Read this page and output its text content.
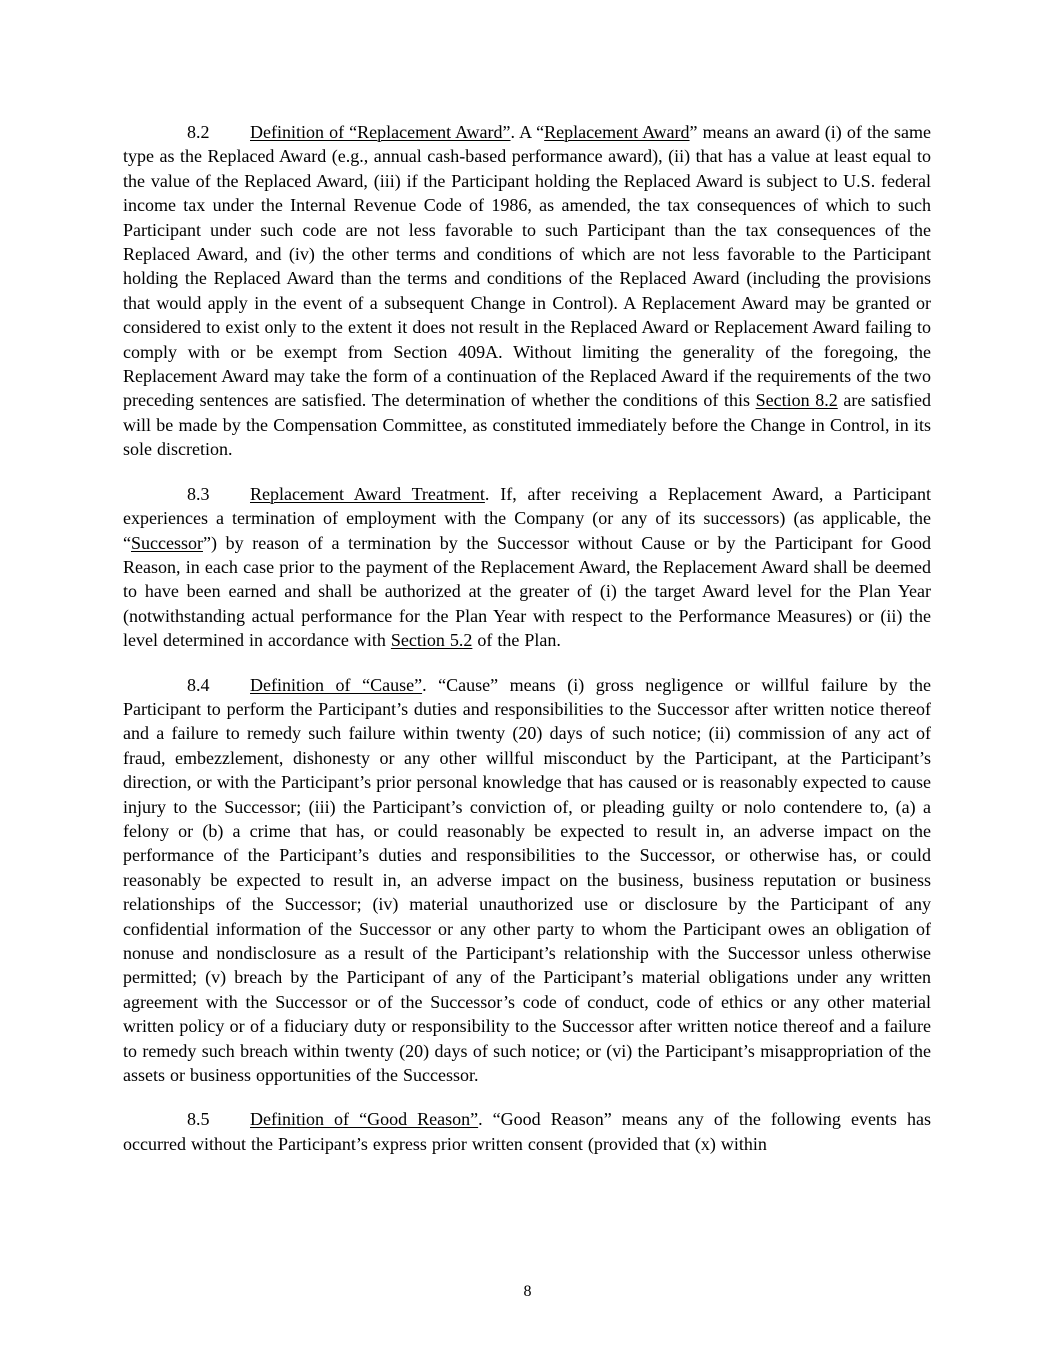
8.2 Definition of “Replacement Award”. A “Replacement Award” means an award (i) of the same type as the Replaced Award (e.g., annual cash-based performance award), (ii) that has a value at least equal to the value of the Replaced Award, (iii) if the Participant holding the Replaced Award is subject to U.S. federal income tax under the Internal Revenue Code of 1986, as amended, the tax consequences of which to such Participant under such code are not less favorable to such Participant than the tax consequences of the Replaced Award, and (iv) the other terms and conditions of which are not less favorable to the Participant holding the Replaced Award than the terms and conditions of the Replaced Award (including the provisions that would apply in the event of a subsequent Change in Control). A Replacement Award may be granted or considered to exist only to the extent it does not result in the Replaced Award or Replacement Award failing to comply with or be exempt from Section 409A. Without limiting the generality of the foregoing, the Replacement Award may take the form of a continuation of the Replaced Award if the requirements of the two preceding sentences are satisfied. The determination of whether the conditions of this Section 8.2 are satisfied will be made by the Compensation Committee, as constituted immediately before the Change in Control, in its sole discretion.

8.3 Replacement Award Treatment. If, after receiving a Replacement Award, a Participant experiences a termination of employment with the Company (or any of its successors) (as applicable, the “Successor”) by reason of a termination by the Successor without Cause or by the Participant for Good Reason, in each case prior to the payment of the Replacement Award, the Replacement Award shall be deemed to have been earned and shall be authorized at the greater of (i) the target Award level for the Plan Year (notwithstanding actual performance for the Plan Year with respect to the Performance Measures) or (ii) the level determined in accordance with Section 5.2 of the Plan.

8.4 Definition of “Cause”. “Cause” means (i) gross negligence or willful failure by the Participant to perform the Participant’s duties and responsibilities to the Successor after written notice thereof and a failure to remedy such failure within twenty (20) days of such notice; (ii) commission of any act of fraud, embezzlement, dishonesty or any other willful misconduct by the Participant, at the Participant’s direction, or with the Participant’s prior personal knowledge that has caused or is reasonably expected to cause injury to the Successor; (iii) the Participant’s conviction of, or pleading guilty or nolo contendere to, (a) a felony or (b) a crime that has, or could reasonably be expected to result in, an adverse impact on the performance of the Participant’s duties and responsibilities to the Successor, or otherwise has, or could reasonably be expected to result in, an adverse impact on the business, business reputation or business relationships of the Successor; (iv) material unauthorized use or disclosure by the Participant of any confidential information of the Successor or any other party to whom the Participant owes an obligation of nonuse and nondisclosure as a result of the Participant’s relationship with the Successor unless otherwise permitted; (v) breach by the Participant of any of the Participant’s material obligations under any written agreement with the Successor or of the Successor’s code of conduct, code of ethics or any other material written policy or of a fiduciary duty or responsibility to the Successor after written notice thereof and a failure to remedy such breach within twenty (20) days of such notice; or (vi) the Participant’s misappropriation of the assets or business opportunities of the Successor.

8.5 Definition of “Good Reason”. “Good Reason” means any of the following events has occurred without the Participant’s express prior written consent (provided that (x) within

8
